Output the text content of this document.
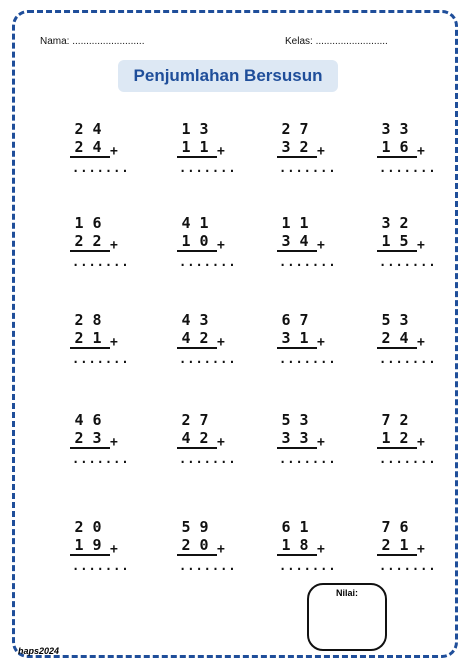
Nama: ..........................	Kelas: ..........................
Penjumlahan Bersusun
2 4
2 4 +
.......
1 3
1 1 +
.......
2 7
3 2 +
.......
3 3
1 6 +
.......
1 6
2 2 +
.......
4 1
1 0 +
.......
1 1
3 4 +
.......
3 2
1 5 +
.......
2 8
2 1 +
.......
4 3
4 2 +
.......
6 7
3 1 +
.......
5 3
2 4 +
.......
4 6
2 3 +
.......
2 7
4 2 +
.......
5 3
3 3 +
.......
7 2
1 2 +
.......
2 0
1 9 +
.......
5 9
2 0 +
.......
6 1
1 8 +
.......
7 6
2 1 +
.......
Nilai:
haps2024
